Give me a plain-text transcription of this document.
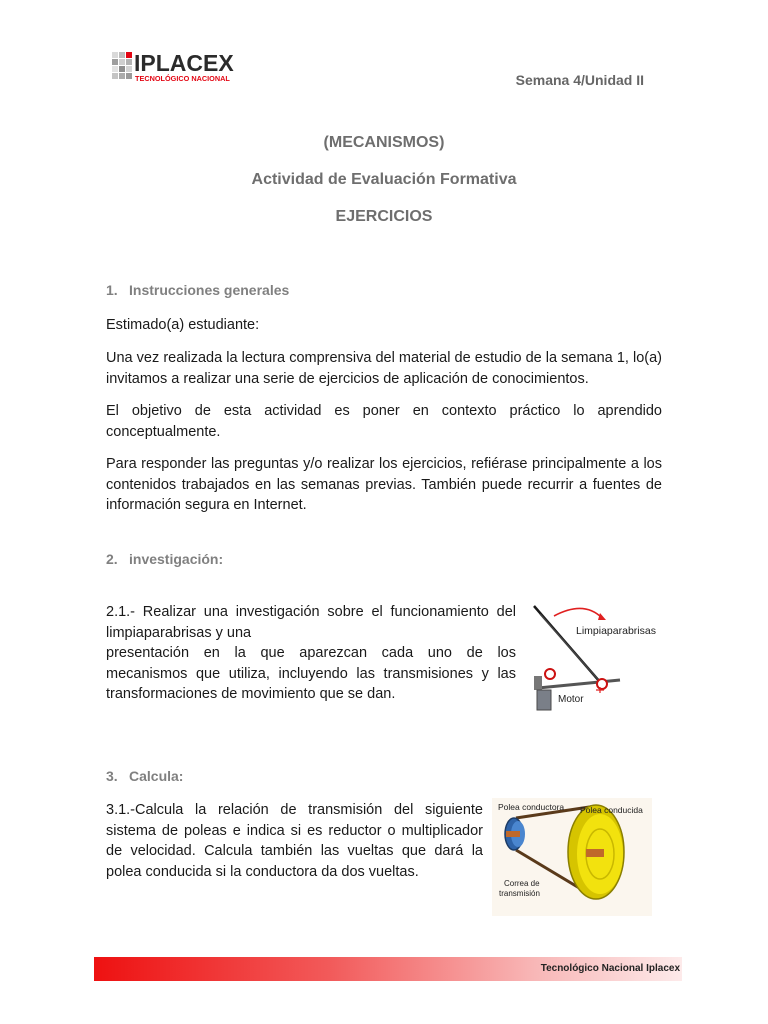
IPLACEX
TECNOLÓGICO NACIONAL	Semana 4/Unidad II
(MECANISMOS)
Actividad de Evaluación Formativa
EJERCICIOS
1. Instrucciones generales
Estimado(a) estudiante:
Una vez realizada la lectura comprensiva del material de estudio de la semana 1, lo(a) invitamos a realizar una serie de ejercicios de aplicación de conocimientos.
El objetivo de esta actividad es poner en contexto práctico lo aprendido conceptualmente.
Para responder las preguntas y/o realizar los ejercicios, refiérase principalmente a los contenidos trabajados en las semanas previas. También puede recurrir a fuentes de información segura en Internet.
2. investigación:
2.1.- Realizar una investigación sobre el funcionamiento del limpiaparabrisas y una
presentación en la que aparezcan cada uno de los mecanismos que utiliza, incluyendo las transmisiones y las transformaciones de movimiento que se dan.
Limpiaparabrisas
Motor
3. Calcula:
3.1.-Calcula la relación de transmisión del siguiente sistema de poleas e indica si es reductor o multiplicador de velocidad. Calcula también las vueltas que dará la polea conducida si la conductora da dos vueltas.
Polea conductora Polea conducida
Correa de
transmisión
Tecnológico Nacional Iplacex
